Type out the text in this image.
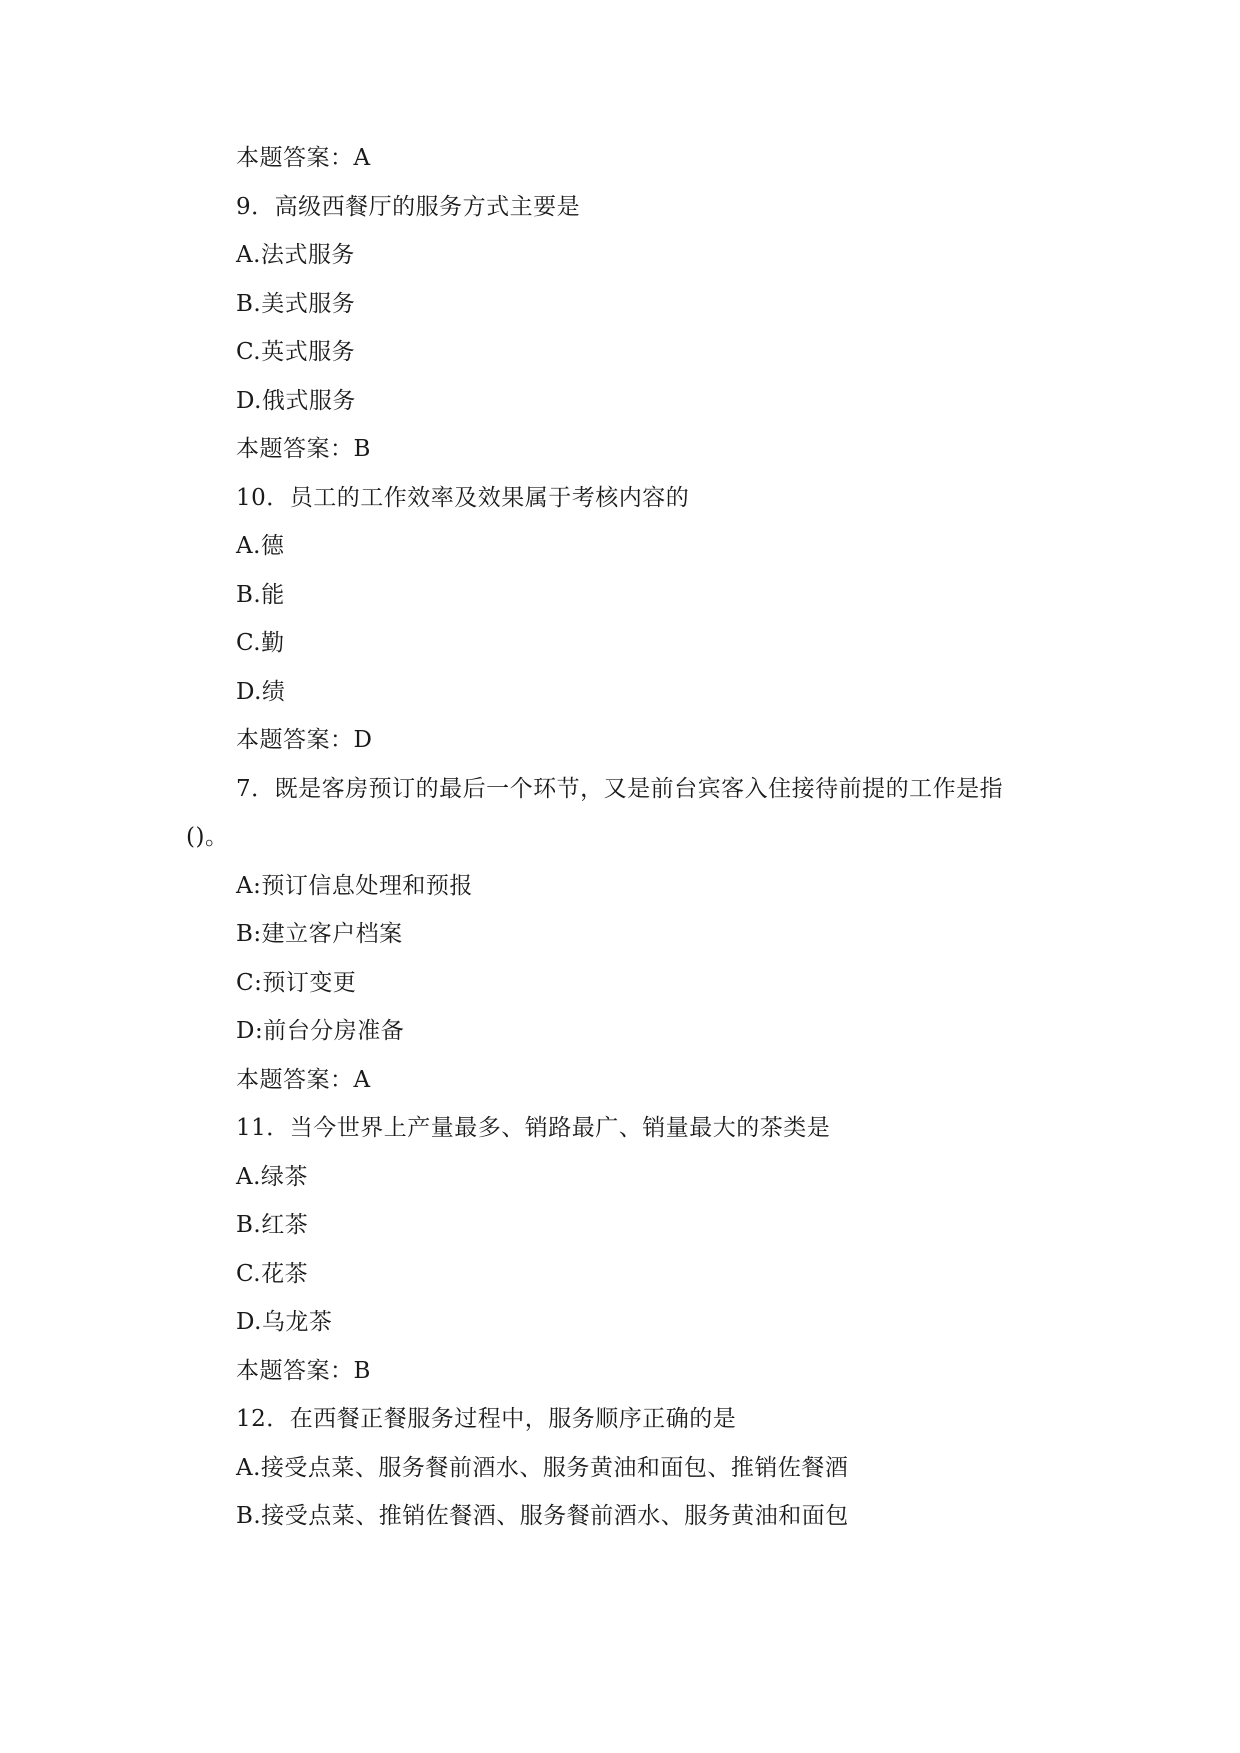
本题答案：A
9．高级西餐厅的服务方式主要是
A.法式服务
B.美式服务
C.英式服务
D.俄式服务
本题答案：B
10．员工的工作效率及效果属于考核内容的
A.德
B.能
C.勤
D.绩
本题答案：D
7．既是客房预订的最后一个环节，又是前台宾客入住接待前提的工作是指
()。
A:预订信息处理和预报
B:建立客户档案
C:预订变更
D:前台分房准备
本题答案：A
11．当今世界上产量最多、销路最广、销量最大的茶类是
A.绿茶
B.红茶
C.花茶
D.乌龙茶
本题答案：B
12．在西餐正餐服务过程中，服务顺序正确的是
A.接受点菜、服务餐前酒水、服务黄油和面包、推销佐餐酒
B.接受点菜、推销佐餐酒、服务餐前酒水、服务黄油和面包
